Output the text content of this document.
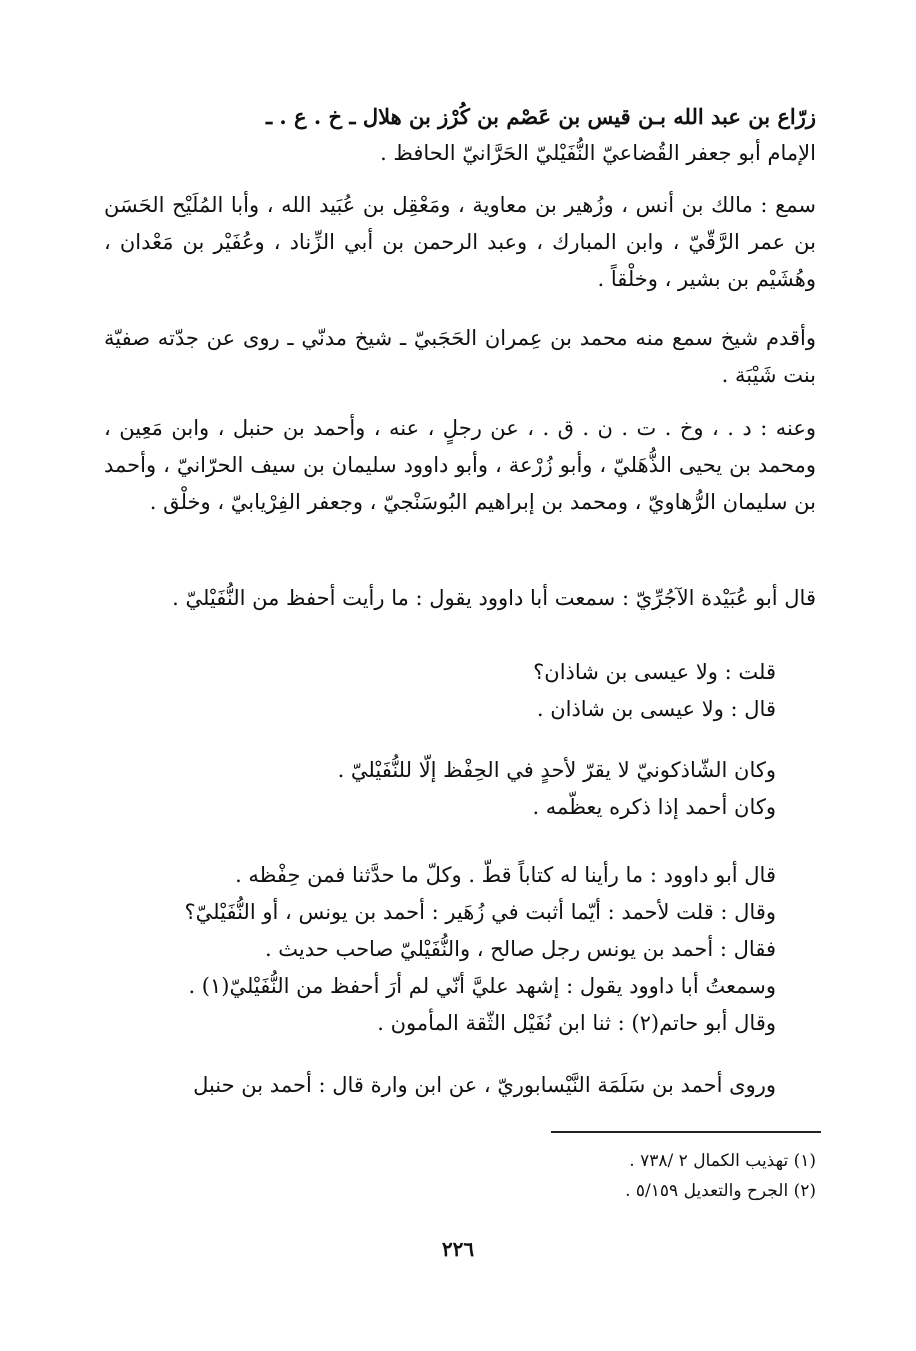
زرّاع بن عبد الله بـن قيس بن عَصْم بن كُرْز بن هلال ـ خ . ع . ـ
الإمام أبو جعفر القُضاعيّ النُّفَيْليّ الحَرَّانيّ الحافظ .

سمع : مالك بن أنس ، وزُهير بن معاوية ، ومَعْقِل بن عُبَيد الله ، وأبا المُلَيْح الحَسَن بن عمر الرَّقّيّ ، وابن المبارك ، وعبد الرحمن بن أبي الزِّناد ، وعُفَيْر بن مَعْدان ، وهُشَيْم بن بشير ، وخلْقاً .

وأقدم شيخ سمع منه محمد بن عِمران الحَجَبيّ ـ شيخ مدنّي ـ روى عن جدّته صفيّة بنت شَيْبَة .

وعنه : د . ، وخ . ت . ن . ق . ، عن رجلٍ ، عنه ، وأحمد بن حنبل ، وابن مَعِين ، ومحمد بن يحيى الذُّهَليّ ، وأبو زُرْعة ، وأبو داوود سليمان بن سيف الحرّانيّ ، وأحمد بن سليمان الرُّهاويّ ، ومحمد بن إبراهيم البُوسَنْجيّ ، وجعفر الفِرْيابيّ ، وخلْق .

قال أبو عُبَيْدة الآجُرِّيّ : سمعت أبا داوود يقول : ما رأيت أحفظ من النُّفَيْليّ .

قلت : ولا عيسى بن شاذان؟
قال : ولا عيسى بن شاذان .
وكان الشّاذكونيّ لا يقرّ لأحدٍ في الحِفْظ إلّا للنُّفَيْليّ .
وكان أحمد إذا ذكره يعظّمه .
قال أبو داوود : ما رأينا له كتاباً قطّ . وكلّ ما حدَّثنا فمن حِفْظه .
وقال : قلت لأحمد : أيّما أثبت في زُهَير : أحمد بن يونس ، أو النُّفَيْليّ؟
فقال : أحمد بن يونس رجل صالح ، والنُّفَيْليّ صاحب حديث .
وسمعتُ أبا داوود يقول : إشهد عليَّ أنّي لم أرَ أحفظ من النُّفَيْليّ(١) .
وقال أبو حاتم(٢) : ثنا ابن نُفَيْل الثّقة المأمون .

وروى أحمد بن سَلَمَة النَّيْسابوريّ ، عن ابن وارة قال : أحمد بن حنبل

(١) تهذيب الكمال ٢ /٧٣٨ .
(٢) الجرح والتعديل ٥/١٥٩ .
٢٢٦
